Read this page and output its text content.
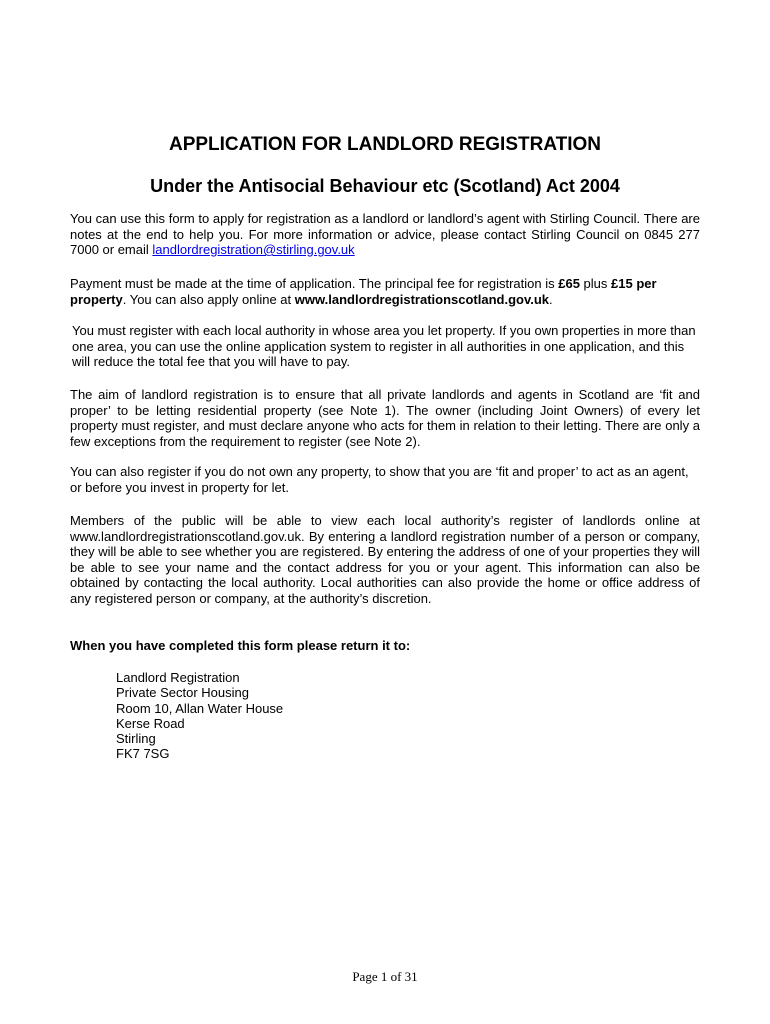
APPLICATION FOR LANDLORD REGISTRATION
Under the Antisocial Behaviour etc (Scotland) Act 2004

You can use this form to apply for registration as a landlord or landlord’s agent with Stirling Council. There are notes at the end to help you. For more information or advice, please contact Stirling Council on 0845 277 7000 or email landlordregistration@stirling.gov.uk

Payment must be made at the time of application. The principal fee for registration is £65 plus £15 per property. You can also apply online at www.landlordregistrationscotland.gov.uk.

You must register with each local authority in whose area you let property. If you own properties in more than one area, you can use the online application system to register in all authorities in one application, and this will reduce the total fee that you will have to pay.

The aim of landlord registration is to ensure that all private landlords and agents in Scotland are ‘fit and proper’ to be letting residential property (see Note 1). The owner (including Joint Owners) of every let property must register, and must declare anyone who acts for them in relation to their letting. There are only a few exceptions from the requirement to register (see Note 2).

You can also register if you do not own any property, to show that you are ‘fit and proper’ to act as an agent, or before you invest in property for let.

Members of the public will be able to view each local authority’s register of landlords online at www.landlordregistrationscotland.gov.uk. By entering a landlord registration number of a person or company, they will be able to see whether you are registered. By entering the address of one of your properties they will be able to see your name and the contact address for you or your agent. This information can also be obtained by contacting the local authority. Local authorities can also provide the home or office address of any registered person or company, at the authority’s discretion.

When you have completed this form please return it to:

Landlord Registration
Private Sector Housing
Room 10, Allan Water House
Kerse Road
Stirling
FK7 7SG

Page 1 of 31
